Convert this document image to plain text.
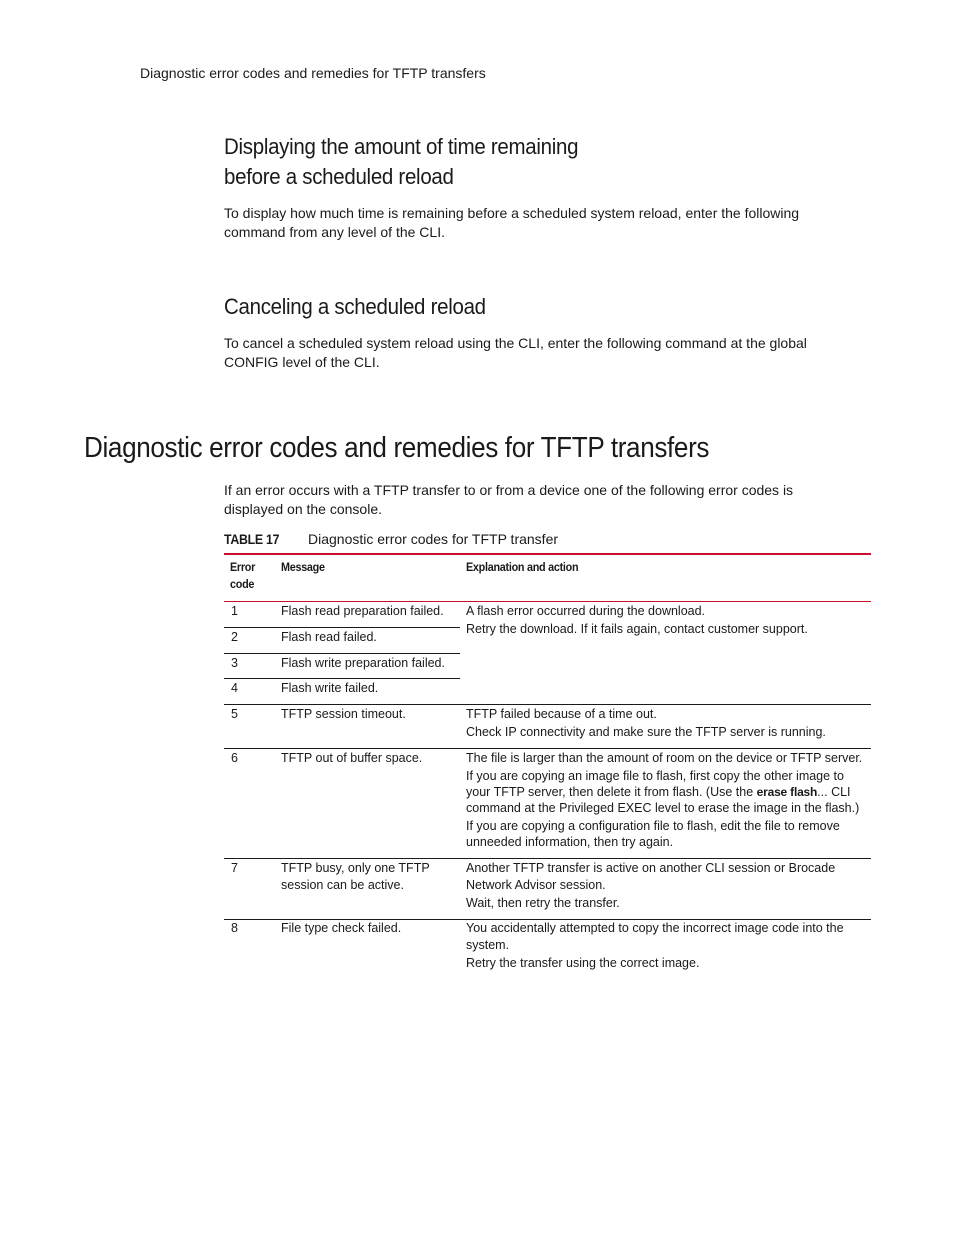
Diagnostic error codes and remedies for TFTP transfers
Displaying the amount of time remaining
before a scheduled reload
To display how much time is remaining before a scheduled system reload, enter the following command from any level of the CLI.
Canceling a scheduled reload
To cancel a scheduled system reload using the CLI, enter the following command at the global CONFIG level of the CLI.
Diagnostic error codes and remedies for TFTP transfers
If an error occurs with a TFTP transfer to or from a device one of the following error codes is displayed on the console.
TABLE 17 Diagnostic error codes for TFTP transfer
Error
code
Message	Explanation and action
1
2
3
4
5
6
7
8
Flash read preparation failed.
Flash read failed.
Flash write preparation failed.
Flash write failed.
TFTP session timeout.
TFTP out of buffer space.
TFTP busy, only one TFTP
session can be active.
File type check failed.
A flash error occurred during the download.
Retry the download. If it fails again, contact customer support.
TFTP failed because of a time out.
Check IP connectivity and make sure the TFTP server is running.
The file is larger than the amount of room on the device or TFTP server.
If you are copying an image file to flash, first copy the other image to
your TFTP server, then delete it from flash. (Use the erase flash... CLI
command at the Privileged EXEC level to erase the image in the flash.)
If you are copying a configuration file to flash, edit the file to remove
unneeded information, then try again.
Another TFTP transfer is active on another CLI session or Brocade
Network Advisor session.
Wait, then retry the transfer.
You accidentally attempted to copy the incorrect image code into the
system.
Retry the transfer using the correct image.
